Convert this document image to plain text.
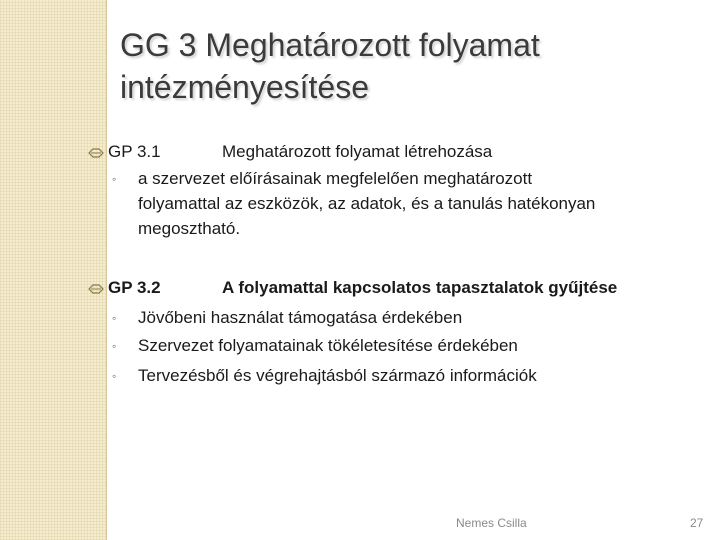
GG 3 Meghatározott folyamat
intézményesítése
GP 3.1	Meghatározott folyamat létrehozása
◦ a szervezet előírásainak megfelelően meghatározott
folyamattal az eszközök, az adatok, és a tanulás hatékonyan
megosztható.
GP 3.2	A folyamattal kapcsolatos tapasztalatok gyűjtése
◦ Jövőbeni használat támogatása érdekében
◦ Szervezet folyamatainak tökéletesítése érdekében
◦ Tervezésből és végrehajtásból származó információk
Nemes Csilla	27
